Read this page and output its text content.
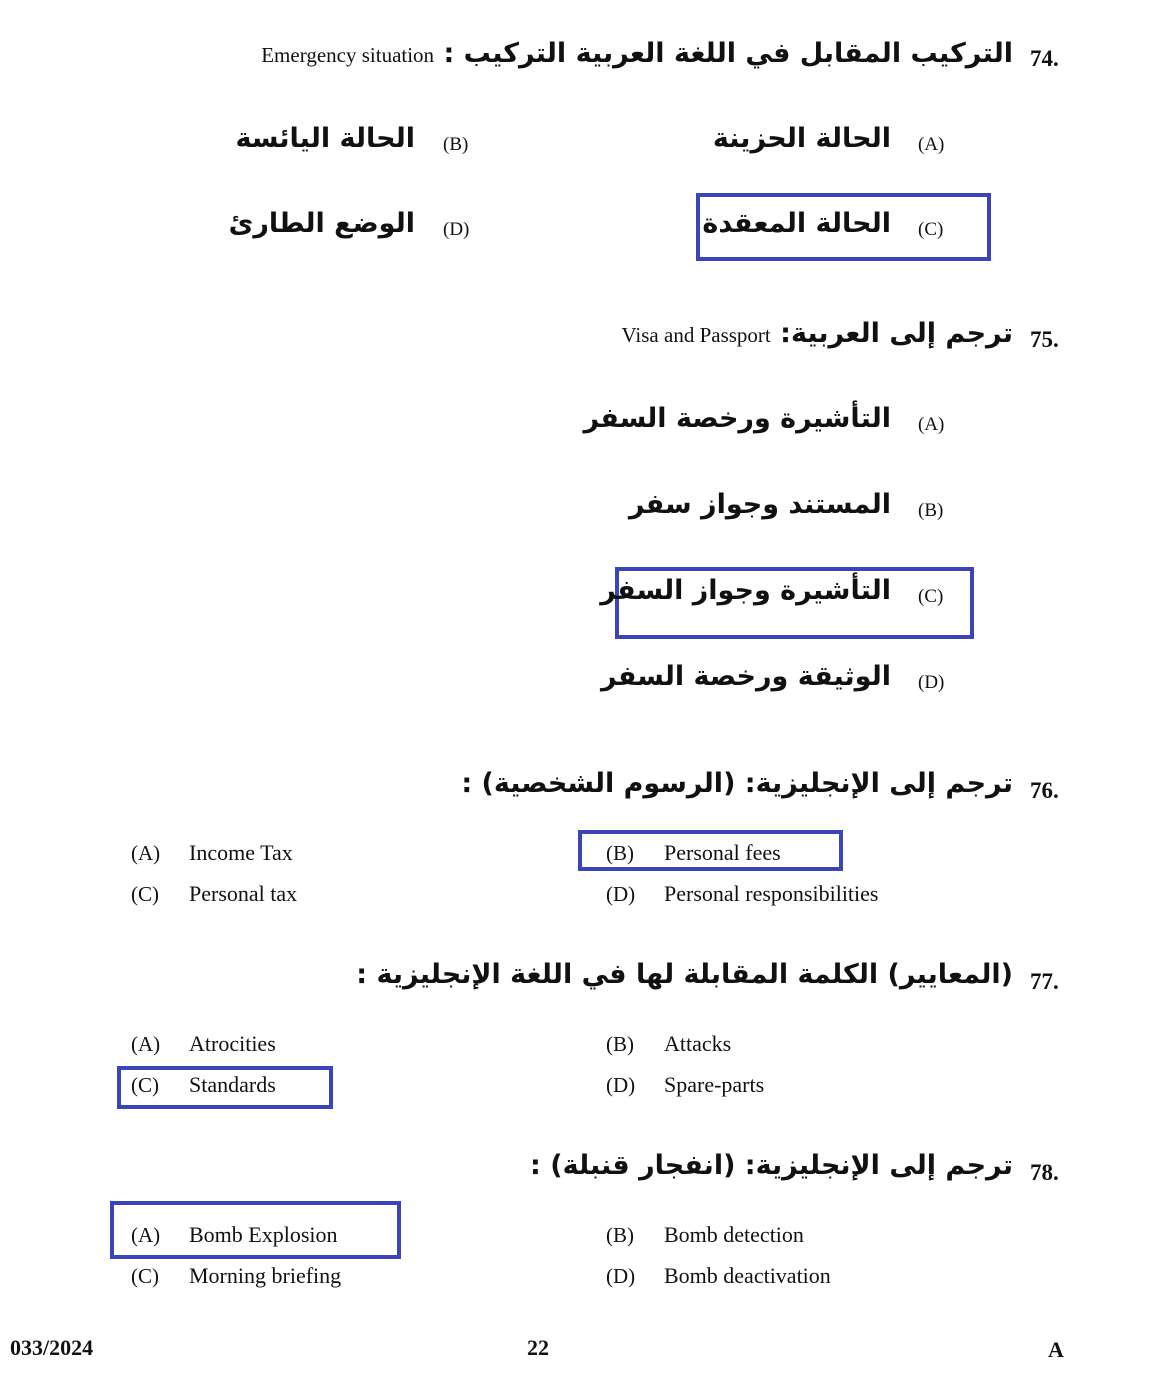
74.
التركيب المقابل في اللغة العربية التركيب : Emergency situation
(A)
الحالة الحزينة
(B)
الحالة اليائسة
(C)
الحالة المعقدة
(D)
الوضع الطارئ
75.
ترجم إلى العربية: Visa and Passport
(A)
التأشيرة ورخصة السفر
(B)
المستند وجواز سفر
(C)
التأشيرة وجواز السفر
(D)
الوثيقة ورخصة السفر
76.
ترجم إلى الإنجليزية: (الرسوم الشخصية) :
(A) Income Tax	(B) Personal fees
(C) Personal tax	(D) Personal responsibilities
77.
(المعايير) الكلمة المقابلة لها في اللغة الإنجليزية :
(A) Atrocities	(B) Attacks
(C) Standards	(D) Spare-parts
78.
ترجم إلى الإنجليزية: (انفجار قنبلة) :
(A) Bomb Explosion	(B) Bomb detection
(C) Morning briefing	(D) Bomb deactivation
033/2024	22	A
